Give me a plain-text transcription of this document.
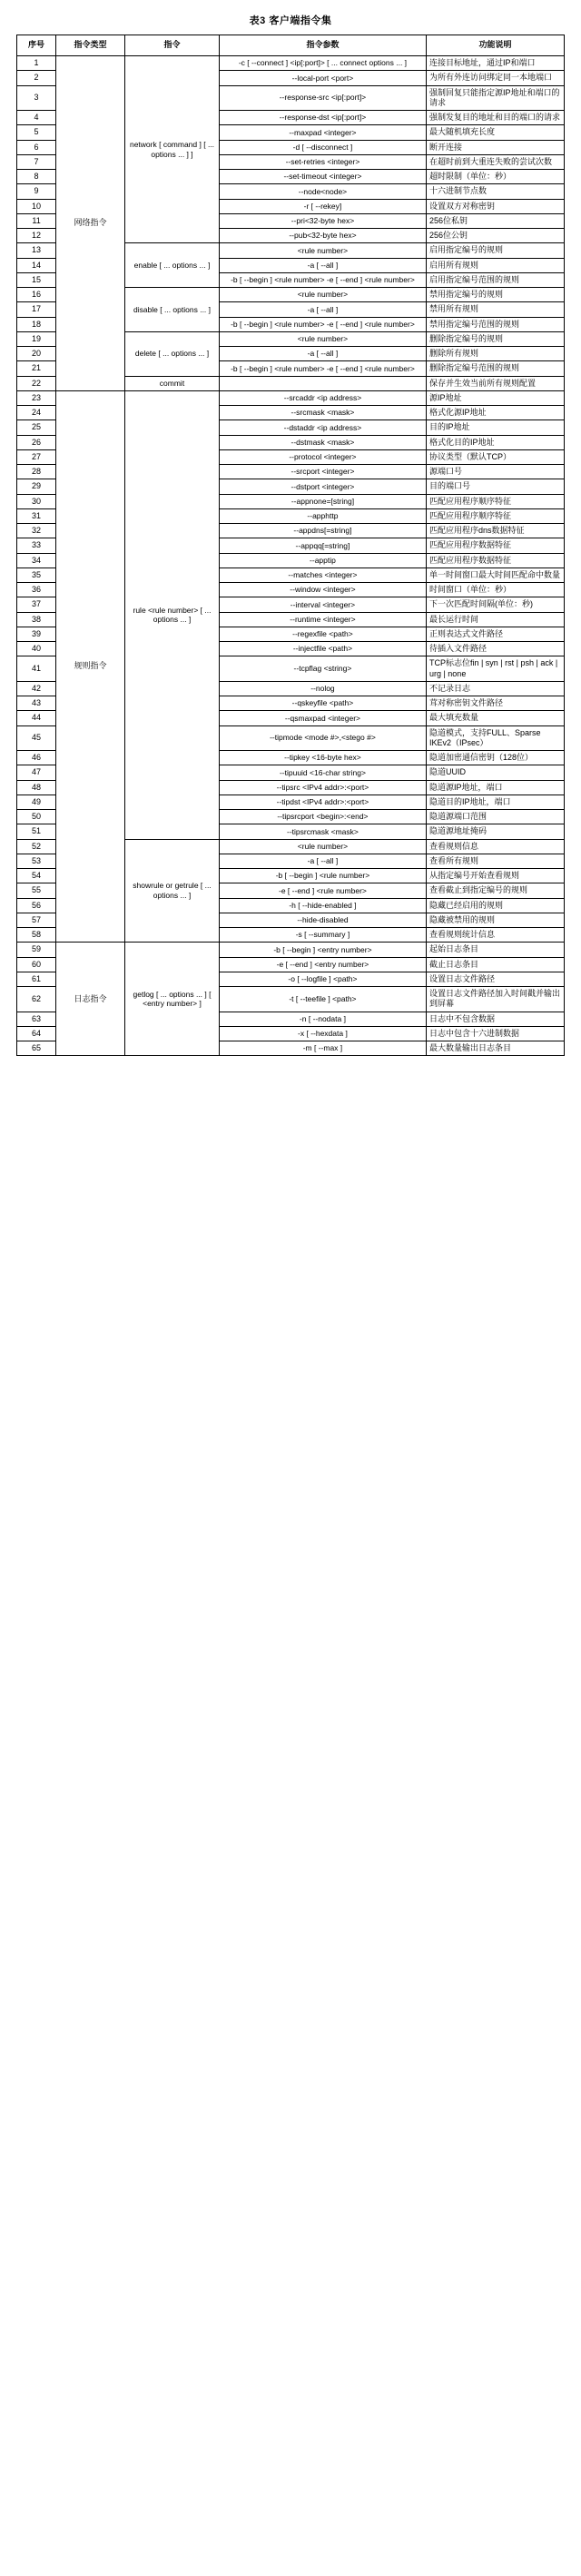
表3 客户端指令集
序号	指令类型	指令	指令参数	功能说明
1	网络指令	network [ command ] [ ... options ... ] ]	-c [ --connect ] <ip[:port]> [ ... connect options ... ]	连接目标地址，通过IP和端口
2			--local-port <port>	为所有外连访问绑定同一本地端口
3			--response-src <ip[:port]>	强制回复只能指定源IP地址和端口的请求
4			--response-dst <ip[:port]>	强制发复目的地址和目的端口的请求
5			--maxpad <integer>	最大随机填充长度
6			-d [ --disconnect ]	断开连接
7			--set-retries <integer>	在超时前到大重连失败的尝试次数
8			--set-timeout <integer>	超时限制（单位：秒）
9			--node<node>	十六进制节点数
10			-r [ --rekey]	设置双方对称密钥
11			--pri<32-byte hex>	256位私钥
12			--pub<32-byte hex>	256位公钥
13		enable [ ... options ... ]	<rule number>	启用指定编号的规则
14			-a [ --all ]	启用所有规则
15			-b [ --begin ] <rule number> -e [ --end ] <rule number>	启用指定编号范围的规则
16		disable [ ... options ... ]	<rule number>	禁用指定编号的规则
17			-a [ --all ]	禁用所有规则
18			-b [ --begin ] <rule number> -e [ --end ] <rule number>	禁用指定编号范围的规则
19		delete [ ... options ... ]	<rule number>	删除指定编号的规则
20			-a [ --all ]	删除所有规则
21			-b [ --begin ] <rule number> -e [ --end ] <rule number>	删除指定编号范围的规则
22		commit		保存并生效当前所有规则配置
23	规则指令	rule <rule number> [ ... options ... ]	--srcaddr <ip address>	源IP地址
24			--srcmask <mask>	格式化源IP地址
25			--dstaddr <ip address>	目的IP地址
26			--dstmask <mask>	格式化目的IP地址
27			--protocol <integer>	协议类型（默认TCP）
28			--srcport <integer>	源端口号
29			--dstport <integer>	目的端口号
30			--appnone=[string]	匹配应用程序顺序特征
31			--apphttp	匹配应用程序顺序特征
32			--appdns[=string]	匹配应用程序dns数据特征
33			--appqq[=string]	匹配应用程序数据特征
34			--apptip	匹配应用程序数据特征
35			--matches <integer>	单一时间窗口最大时间匹配命中数量
36			--window <integer>	时间窗口（单位：秒）
37			--interval <integer>	下一次匹配时间隔(单位：秒)
38			--runtime <integer>	最长运行时间
39			--regexfile <path>	正则表达式文件路径
40			--injectfile <path>	待插入文件路径
41			--tcpflag <string>	TCP标志位fin | syn | rst | psh | ack | urg | none
42			--nolog	不记录日志
43			--qskeyfile <path>	茸对称密钥文件路径
44			--qsmaxpad <integer>	最大填充数量
45			--tipmode <mode #>,<stego #>	隐道模式，支持FULL、Sparse IKEv2（IPsec）
46			--tipkey <16-byte hex>	隐道加密通信密钥（128位）
47			--tipuuid <16-char string>	隐道UUID
48			--tipsrc <IPv4 addr>:<port>	隐道源IP地址，端口
49			--tipdst <IPv4 addr>:<port>	隐道目的IP地址，端口
50			--tipsrcport <begin>:<end>	隐道源端口范围
51			--tipsrcmask <mask>	隐道源地址掩码
52		showrule or getrule [ ... options ... ]	<rule number>	查看规则信息
53			-a [ --all ]	查看所有规则
54			-b [ --begin ] <rule number>	从指定编号开始查看规则
55			-e [ --end ] <rule number>	查看截止到指定编号的规则
56			-h [ --hide-enabled ]	隐藏已经启用的规则
57			--hide-disabled	隐藏被禁用的规则
58			-s [ --summary ]	查看规则统计信息
59	日志指令	getlog [ ... options ... ] [ <entry number> ]	-b [ --begin ] <entry number>	起始日志条目
60			-e [ --end ] <entry number>	截止日志条目
61			-o [ --logfile ] <path>	设置日志文件路径
62			-t [ --teefile ] <path>	设置日志文件路径加入时间戳并输出到屏幕
63			-n [ --nodata ]	日志中不包含数据
64			-x [ --hexdata ]	日志中包含十六进制数据
65			-m [ --max ]	最大数量输出日志条目
